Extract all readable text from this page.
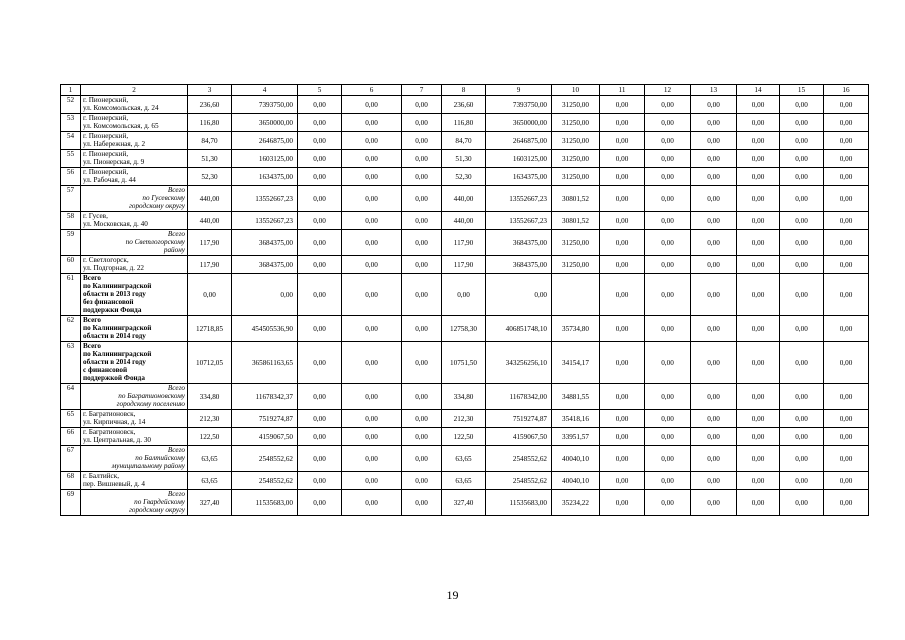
1	2	3	4	5	6	7	8	9	10	11	12	13	14	15	16
52	г. Пионерский,
ул. Комсомольская, д. 24	236,60	7393750,00	0,00	0,00	0,00	236,60	7393750,00	31250,00	0,00	0,00	0,00	0,00	0,00	0,00
53	г. Пионерский,
ул. Комсомольская, д. 65	116,80	3650000,00	0,00	0,00	0,00	116,80	3650000,00	31250,00	0,00	0,00	0,00	0,00	0,00	0,00
54	г. Пионерский,
ул. Набережная, д. 2	84,70	2646875,00	0,00	0,00	0,00	84,70	2646875,00	31250,00	0,00	0,00	0,00	0,00	0,00	0,00
55	г. Пионерский,
ул. Пионерская, д. 9	51,30	1603125,00	0,00	0,00	0,00	51,30	1603125,00	31250,00	0,00	0,00	0,00	0,00	0,00	0,00
56	г. Пионерский,
ул. Рабочая, д. 44	52,30	1634375,00	0,00	0,00	0,00	52,30	1634375,00	31250,00	0,00	0,00	0,00	0,00	0,00	0,00
57	Всего
по Гусевскому
городскому округу	440,00	13552667,23	0,00	0,00	0,00	440,00	13552667,23	30801,52	0,00	0,00	0,00	0,00	0,00	0,00
58	г. Гусев,
ул. Московская, д. 40	440,00	13552667,23	0,00	0,00	0,00	440,00	13552667,23	30801,52	0,00	0,00	0,00	0,00	0,00	0,00
59	Всего
по Светлогорскому
району	117,90	3684375,00	0,00	0,00	0,00	117,90	3684375,00	31250,00	0,00	0,00	0,00	0,00	0,00	0,00
60	г. Светлогорск,
ул. Подгорная, д. 22	117,90	3684375,00	0,00	0,00	0,00	117,90	3684375,00	31250,00	0,00	0,00	0,00	0,00	0,00	0,00
61	Всего
по Калининградской
области в 2013 году
без финансовой
поддержки Фонда	0,00	0,00	0,00	0,00	0,00	0,00	0,00		0,00	0,00	0,00	0,00	0,00	0,00
62	Всего
по Калининградской
области в 2014 году	12718,85	454505536,90	0,00	0,00	0,00	12758,30	406851748,10	35734,80	0,00	0,00	0,00	0,00	0,00	0,00
63	Всего
по Калининградской
области в 2014 году
с финансовой
поддержкой Фонда	10712,05	365861163,65	0,00	0,00	0,00	10751,50	343256256,10	34154,17	0,00	0,00	0,00	0,00	0,00	0,00
64	Всего
по Багратионовскому
городскому поселению	334,80	11678342,37	0,00	0,00	0,00	334,80	11678342,00	34881,55	0,00	0,00	0,00	0,00	0,00	0,00
65	г. Багратионовск,
ул. Кирпичная, д. 14	212,30	7519274,87	0,00	0,00	0,00	212,30	7519274,87	35418,16	0,00	0,00	0,00	0,00	0,00	0,00
66	г. Багратионовск,
ул. Центральная, д. 30	122,50	4159067,50	0,00	0,00	0,00	122,50	4159067,50	33951,57	0,00	0,00	0,00	0,00	0,00	0,00
67	Всего
по Балтийскому
муниципальному району	63,65	2548552,62	0,00	0,00	0,00	63,65	2548552,62	40040,10	0,00	0,00	0,00	0,00	0,00	0,00
68	г. Балтийск,
пер. Вишневый, д. 4	63,65	2548552,62	0,00	0,00	0,00	63,65	2548552,62	40040,10	0,00	0,00	0,00	0,00	0,00	0,00
69	Всего
по Гвардейскому
городскому округу	327,40	11535683,00	0,00	0,00	0,00	327,40	11535683,00	35234,22	0,00	0,00	0,00	0,00	0,00	0,00
19
